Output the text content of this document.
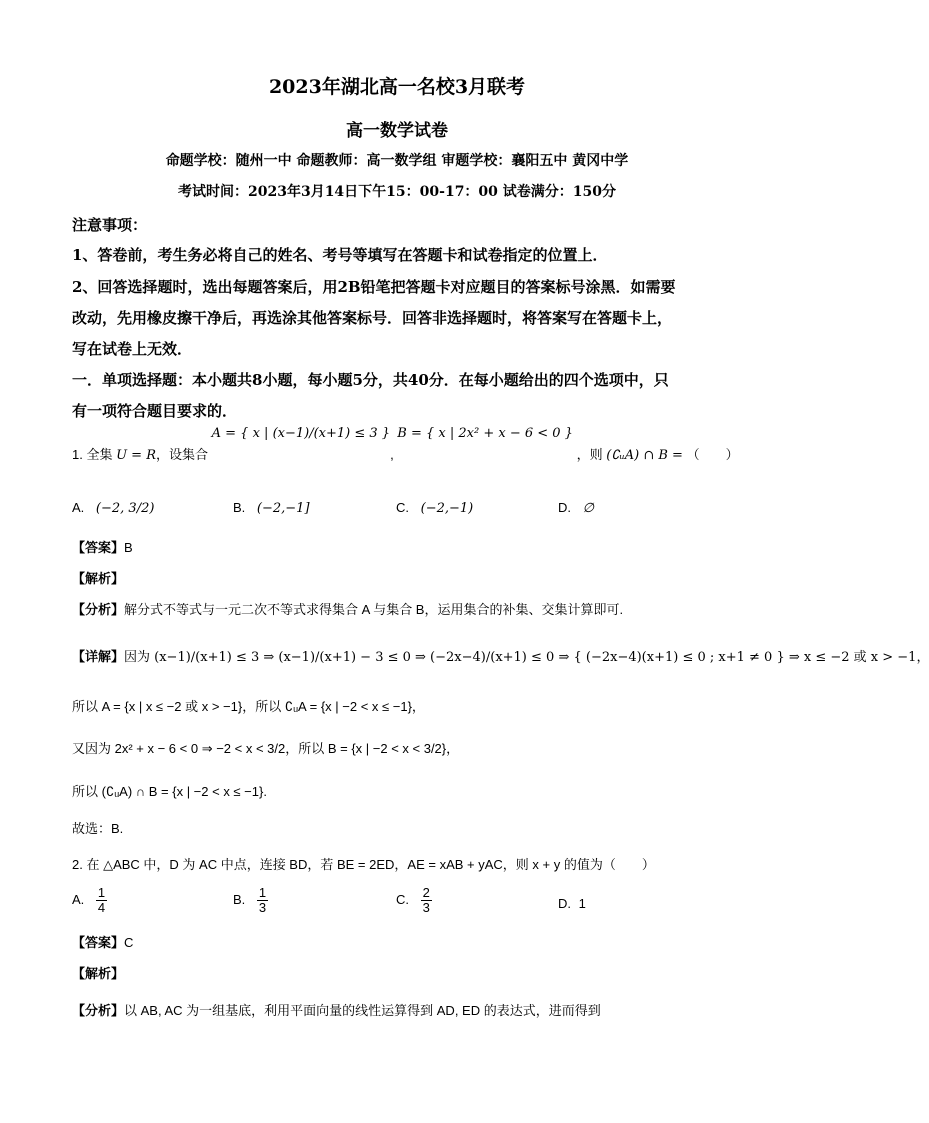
2023年湖北高一名校3月联考
高一数学试卷
命题学校：随州一中 命题教师：高一数学组 审题学校：襄阳五中 黄冈中学
考试时间：2023年3月14日下午15：00-17：00 试卷满分：150分
注意事项：
1、答卷前，考生务必将自己的姓名、考号等填写在答题卡和试卷指定的位置上．
2、回答选择题时，选出每题答案后，用2B铅笔把答题卡对应题目的答案标号涂黑．如需要
改动，先用橡皮擦干净后，再选涂其他答案标号．回答非选择题时，将答案写在答题卡上，
写在试卷上无效．
一．单项选择题：本小题共8小题，每小题5分，共40分．在每小题给出的四个选项中，只
有一项符合题目要求的．
1. 全集 U = R，设集合 A = { x | (x−1)/(x+1) ≤ 3 }, B = { x | 2x² + x − 6 < 0 } ，则 (∁ᵤA) ∩ B = （　　）
A. (−2, 3/2)	B. (−2,−1]	C. (−2,−1)	D. ∅
【答案】B
【解析】
【分析】解分式不等式与一元二次不等式求得集合 A 与集合 B，运用集合的补集、交集计算即可.
【详解】因为 (x−1)/(x+1) ≤ 3 ⇒ (x−1)/(x+1) − 3 ≤ 0 ⇒ (−2x−4)/(x+1) ≤ 0 ⇒ { (−2x−4)(x+1) ≤ 0 ; x+1 ≠ 0 } ⇒ x ≤ −2 或 x > −1，
所以 A = {x | x ≤ −2 或 x > −1}，所以 ∁ᵤA = {x | −2 < x ≤ −1}，
又因为 2x² + x − 6 < 0 ⇒ −2 < x < 3/2，所以 B = {x | −2 < x < 3/2}，
所以 (∁ᵤA) ∩ B = {x | −2 < x ≤ −1}.
故选：B.
2. 在 △ABC 中，D 为 AC 中点，连接 BD，若 BE = 2ED，AE = xAB + yAC，则 x + y 的值为（　　）
A. $\frac{1}{4}$	B. $\frac{1}{3}$	C. $\frac{2}{3}$	D. 1
【答案】C
【解析】
【分析】以 AB, AC 为一组基底，利用平面向量的线性运算得到 AD, ED 的表达式，进而得到
